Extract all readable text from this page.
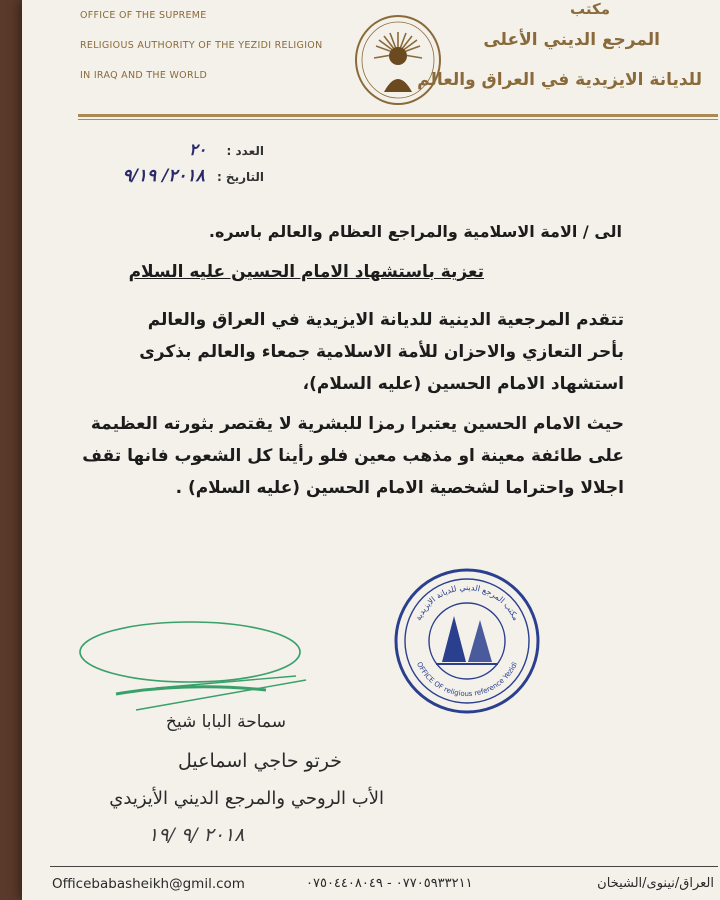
OFFICE OF THE SUPREME
RELIGIOUS AUTHORITY OF THE YEZIDI RELIGION
IN IRAQ AND THE WORLD
مكتب
المرجع الديني الأعلى
للديانة الايزيدية في العراق والعالم
العدد : ٢٠
التاريخ : ٢٠١٨/ ٩/١٩
الى / الامة الاسلامية والمراجع العظام والعالم باسره.
تعزية باستشهاد الامام الحسين عليه السلام
تتقدم المرجعية الدينية للديانة الايزيدية في العراق والعالم
بأحر التعازي والاحزان للأمة الاسلامية جمعاء والعالم بذكرى
استشهاد الامام الحسين (عليه السلام)،
حيث الامام الحسين يعتبرا رمزا للبشرية لا يقتصر بثورته العظيمة
على طائفة معينة او مذهب معين فلو رأينا كل الشعوب فانها تقف
اجلالا واحتراما لشخصية الامام الحسين (عليه السلام) .
سماحة البابا شيخ
خرتو حاجي اسماعيل
الأب الروحي والمرجع الديني الأيزيدي
٢٠١٨ /٩ /١٩
مكتب المرجع الديني للديانة الايزيدية
OFFICE OF religious reference Yezidi
Officebabasheikh@gmil.com	٠٧٧٠٥٩٣٣٢١١ - ٠٧٥٠٤٤٠٨٠٤٩	العراق/نينوى/الشيخان
